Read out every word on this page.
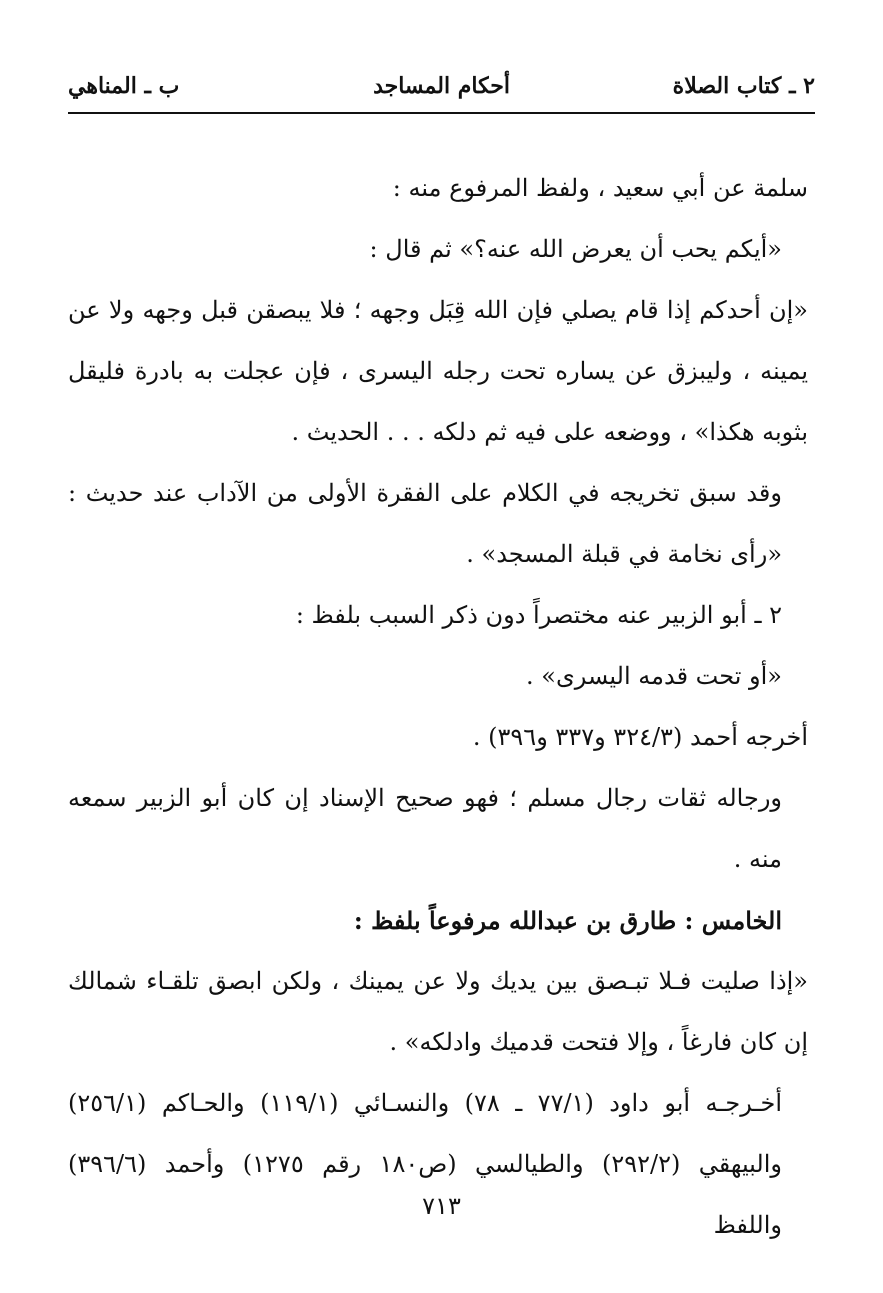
٢ ـ كتاب الصلاة
أحكام المساجد
ب ـ المناهي

سلمة عن أبي سعيد ، ولفظ المرفوع منه :

«أيكم يحب أن يعرض الله عنه؟» ثم قال :

«إن أحدكم إذا قام يصلي فإن الله قِبَل وجهه ؛ فلا يبصقن قبل وجهه ولا عن يمينه ، وليبزق عن يساره تحت رجله اليسرى ، فإن عجلت به بادرة فليقل بثوبه هكذا» ، ووضعه على فيه ثم دلكه . . . الحديث .

وقد سبق تخريجه في الكلام على الفقرة الأولى من الآداب عند حديث : «رأى نخامة في قبلة المسجد» .

٢ ـ أبو الزبير عنه مختصراً دون ذكر السبب بلفظ :

«أو تحت قدمه اليسرى» .

أخرجه أحمد (٣٢٤/٣ و٣٣٧ و٣٩٦) .

ورجاله ثقات رجال مسلم ؛ فهو صحيح الإسناد إن كان أبو الزبير سمعه منه .

الخامس : طارق بن عبدالله مرفوعاً بلفظ :

«إذا صليت فـلا تبـصق بين يديك ولا عن يمينك ، ولكن ابصق تلقـاء شمالك إن كان فارغاً ، وإلا فتحت قدميك وادلكه» .

أخـرجـه أبو داود (٧٧/١ ـ ٧٨) والنسـائي (١١٩/١) والحـاكم (٢٥٦/١) والبيهقي (٢٩٢/٢) والطيالسي (ص١٨٠ رقم ١٢٧٥) وأحمد (٣٩٦/٦) واللفظ

٧١٣
